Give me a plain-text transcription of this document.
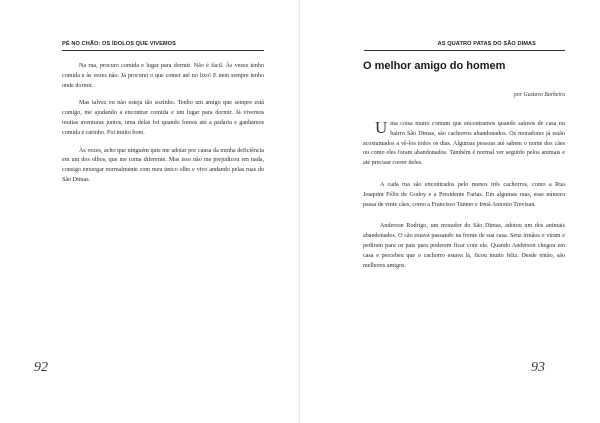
PÉ NO CHÃO: OS ÍDOLOS QUE VIVEMOS

Na rua, procuro comida e lugar para dormir. Não é fácil. Às vezes tenho comida e às vezes não. Já procurei o que comer até no lixo! E nem sempre tenho onde dormir.

Mas talvez eu não esteja tão sozinho. Tenho um amigo que sempre está comigo, me ajudando a encontrar comida e um lugar para dormir. Já vivemos muitas aventuras juntos, uma delas foi quando fomos até a padaria e ganhamos comida e carinho. Foi muito bom.

Às vezes, acho que ninguém quis me adotar por causa da minha deficiência em um dos olhos, que me torna diferente. Mas isso não me prejudicou em nada, consigo enxergar normalmente com meu único olho e vivo andando pelas ruas do São Dimas.

92
AS QUATRO PATAS DO SÃO DIMAS
O melhor amigo do homem
por Gustavo Barbeiro

Uma coisa muito comum que encontramos quando saímos de casa no bairro São Dimas, são cachorros abandonados. Os moradores já estão acostumados a vê-los todos os dias. Algumas pessoas até sabem o nome dos cães ou como eles foram abandonados. Também é normal ver seguido pelos animais e até precisar correr deles.

A cada rua são encontrados pelo menos três cachorros, como a Rua Joaquim Félix de Godoy e a Presidente Farias. Em algumas ruas, esse número passa de vinte cães, como a Francisco Tanner e Irmã Antonio Trevisan.

Anderson Rodrigo, um morador do São Dimas, adotou um dos animais abandonados. O cão estava passando na frente de sua casa. Seus irmãos o viram e pediram para os pais para poderem ficar com ele. Quando Anderson chegou em casa e percebeu que o cachorro estava lá, ficou muito feliz. Desde então, são melhores amigos.

93
